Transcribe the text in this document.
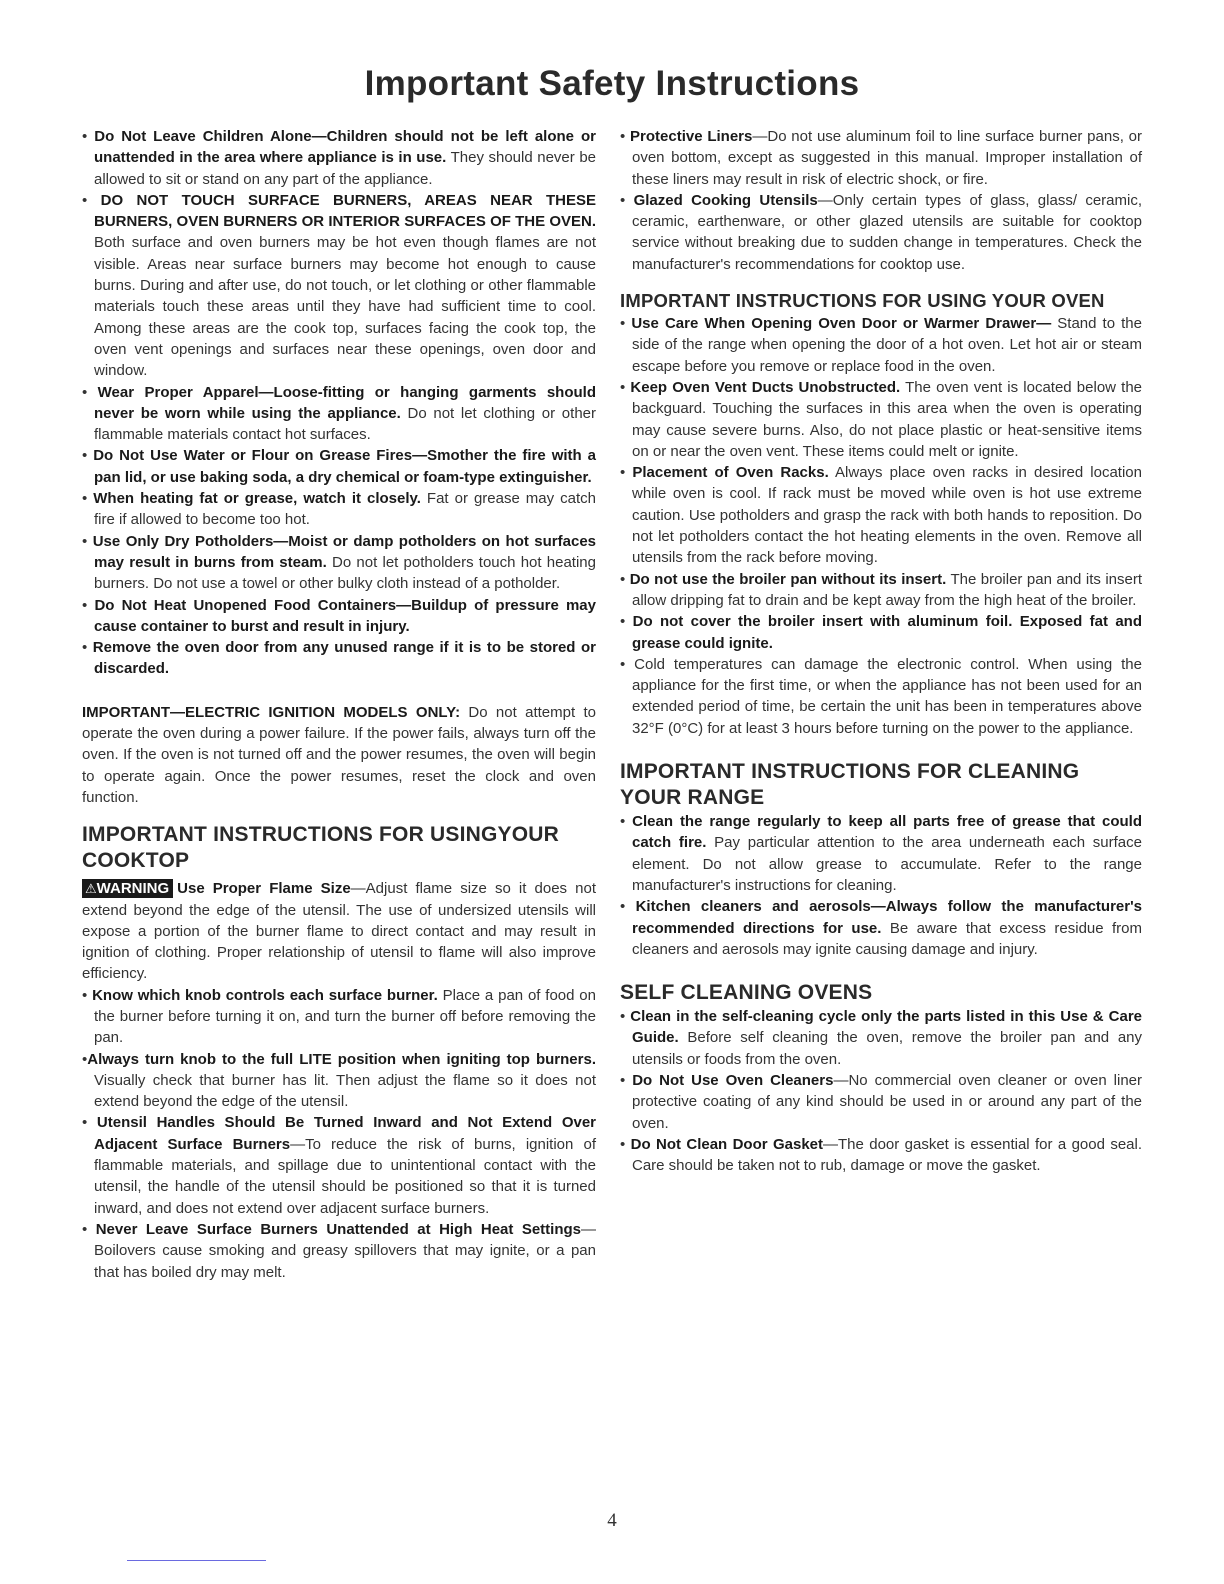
Important Safety Instructions

• Do Not Leave Children Alone—Children should not be left alone or unattended in the area where appliance is in use. They should never be allowed to sit or stand on any part of the appliance.

• DO NOT TOUCH SURFACE BURNERS, AREAS NEAR THESE BURNERS, OVEN BURNERS OR INTERIOR SURFACES OF THE OVEN. Both surface and oven burners may be hot even though flames are not visible. Areas near surface burners may become hot enough to cause burns. During and after use, do not touch, or let clothing or other flammable materials touch these areas until they have had sufficient time to cool. Among these areas are the cook top, surfaces facing the cook top, the oven vent openings and surfaces near these openings, oven door and window.

• Wear Proper Apparel—Loose-fitting or hanging garments should never be worn while using the appliance. Do not let clothing or other flammable materials contact hot surfaces.

• Do Not Use Water or Flour on Grease Fires—Smother the fire with a pan lid, or use baking soda, a dry chemical or foam-type extinguisher.

• When heating fat or grease, watch it closely. Fat or grease may catch fire if allowed to become too hot.

• Use Only Dry Potholders—Moist or damp potholders on hot surfaces may result in burns from steam. Do not let potholders touch hot heating burners. Do not use a towel or other bulky cloth instead of a potholder.

• Do Not Heat Unopened Food Containers—Buildup of pressure may cause container to burst and result in injury.

• Remove the oven door from any unused range if it is to be stored or discarded.

IMPORTANT—ELECTRIC IGNITION MODELS ONLY: Do not attempt to operate the oven during a power failure. If the power fails, always turn off the oven. If the oven is not turned off and the power resumes, the oven will begin to operate again. Once the power resumes, reset the clock and oven function.

IMPORTANT INSTRUCTIONS FOR USINGYOUR COOKTOP

⚠WARNING Use Proper Flame Size—Adjust flame size so it does not extend beyond the edge of the utensil. The use of undersized utensils will expose a portion of the burner flame to direct contact and may result in ignition of clothing. Proper relationship of utensil to flame will also improve efficiency.

• Know which knob controls each surface burner. Place a pan of food on the burner before turning it on, and turn the burner off before removing the pan.

•Always turn knob to the full LITE position when igniting top burners. Visually check that burner has lit. Then adjust the flame so it does not extend beyond the edge of the utensil.

• Utensil Handles Should Be Turned Inward and Not Extend Over Adjacent Surface Burners—To reduce the risk of burns, ignition of flammable materials, and spillage due to unintentional contact with the utensil, the handle of the utensil should be positioned so that it is turned inward, and does not extend over adjacent surface burners.

• Never Leave Surface Burners Unattended at High Heat Settings—Boilovers cause smoking and greasy spillovers that may ignite, or a pan that has boiled dry may melt.

• Protective Liners—Do not use aluminum foil to line surface burner pans, or oven bottom, except as suggested in this manual. Improper installation of these liners may result in risk of electric shock, or fire.

• Glazed Cooking Utensils—Only certain types of glass, glass/ ceramic, ceramic, earthenware, or other glazed utensils are suitable for cooktop service without breaking due to sudden change in temperatures. Check the manufacturer's recommendations for cooktop use.

IMPORTANT INSTRUCTIONS FOR USING YOUR OVEN

• Use Care When Opening Oven Door or Warmer Drawer— Stand to the side of the range when opening the door of a hot oven. Let hot air or steam escape before you remove or replace food in the oven.

• Keep Oven Vent Ducts Unobstructed. The oven vent is located below the backguard. Touching the surfaces in this area when the oven is operating may cause severe burns. Also, do not place plastic or heat-sensitive items on or near the oven vent. These items could melt or ignite.

• Placement of Oven Racks. Always place oven racks in desired location while oven is cool. If rack must be moved while oven is hot use extreme caution. Use potholders and grasp the rack with both hands to reposition. Do not let potholders contact the hot heating elements in the oven. Remove all utensils from the rack before moving.

• Do not use the broiler pan without its insert. The broiler pan and its insert allow dripping fat to drain and be kept away from the high heat of the broiler.

• Do not cover the broiler insert with aluminum foil. Exposed fat and grease could ignite.

• Cold temperatures can damage the electronic control. When using the appliance for the first time, or when the appliance has not been used for an extended period of time, be certain the unit has been in temperatures above 32°F (0°C) for at least 3 hours before turning on the power to the appliance.

IMPORTANT INSTRUCTIONS FOR CLEANING YOUR RANGE

• Clean the range regularly to keep all parts free of grease that could catch fire. Pay particular attention to the area underneath each surface element. Do not allow grease to accumulate. Refer to the range manufacturer's instructions for cleaning.

• Kitchen cleaners and aerosols—Always follow the manufacturer's recommended directions for use. Be aware that excess residue from cleaners and aerosols may ignite causing damage and injury.

SELF CLEANING OVENS

• Clean in the self-cleaning cycle only the parts listed in this Use & Care Guide. Before self cleaning the oven, remove the broiler pan and any utensils or foods from the oven.

• Do Not Use Oven Cleaners—No commercial oven cleaner or oven liner protective coating of any kind should be used in or around any part of the oven.

• Do Not Clean Door Gasket—The door gasket is essential for a good seal. Care should be taken not to rub, damage or move the gasket.

4
